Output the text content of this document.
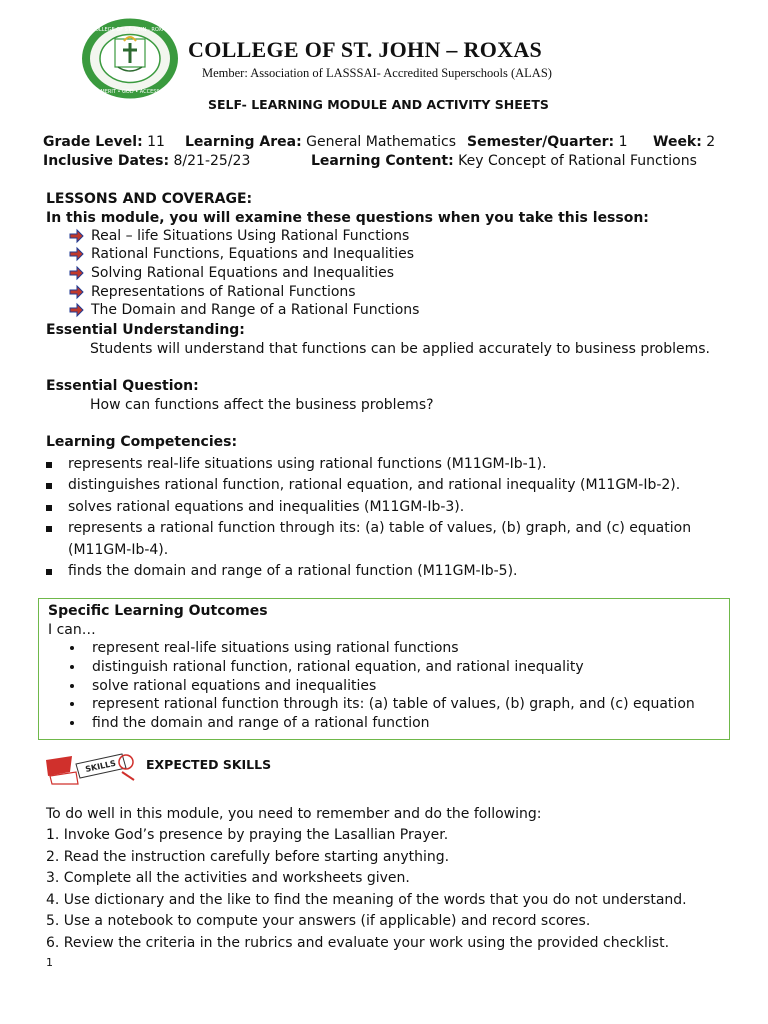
COLLEGE OF ST. JOHN - ROXAS
MERIT • GOD • ACCESS
COLLEGE OF ST. JOHN – ROXAS
Member: Association of LASSSAI- Accredited Superschools (ALAS)
SELF- LEARNING MODULE AND ACTIVITY SHEETS
Grade Level: 11 Learning Area: General Mathematics Semester/Quarter: 1 Week: 2
Inclusive Dates: 8/21-25/23	Learning Content: Key Concept of Rational Functions
LESSONS AND COVERAGE:
In this module, you will examine these questions when you take this lesson:
Real – life Situations Using Rational Functions
Rational Functions, Equations and Inequalities
Solving Rational Equations and Inequalities
Representations of Rational Functions
The Domain and Range of a Rational Functions
Essential Understanding:
Students will understand that functions can be applied accurately to business problems.
Essential Question:
How can functions affect the business problems?
Learning Competencies:
represents real-life situations using rational functions (M11GM-Ib-1).
distinguishes rational function, rational equation, and rational inequality (M11GM-Ib-2).
solves rational equations and inequalities (M11GM-Ib-3).
represents a rational function through its: (a) table of values, (b) graph, and (c) equation
(M11GM-Ib-4).
finds the domain and range of a rational function (M11GM-Ib-5).
Specific Learning Outcomes
I can…
represent real-life situations using rational functions
distinguish rational function, rational equation, and rational inequality
solve rational equations and inequalities
represent rational function through its: (a) table of values, (b) graph, and (c) equation
find the domain and range of a rational function
SKILLS EXPECTED SKILLS
To do well in this module, you need to remember and do the following:
1. Invoke God’s presence by praying the Lasallian Prayer.
2. Read the instruction carefully before starting anything.
3. Complete all the activities and worksheets given.
4. Use dictionary and the like to find the meaning of the words that you do not understand.
5. Use a notebook to compute your answers (if applicable) and record scores.
6. Review the criteria in the rubrics and evaluate your work using the provided checklist.
1
